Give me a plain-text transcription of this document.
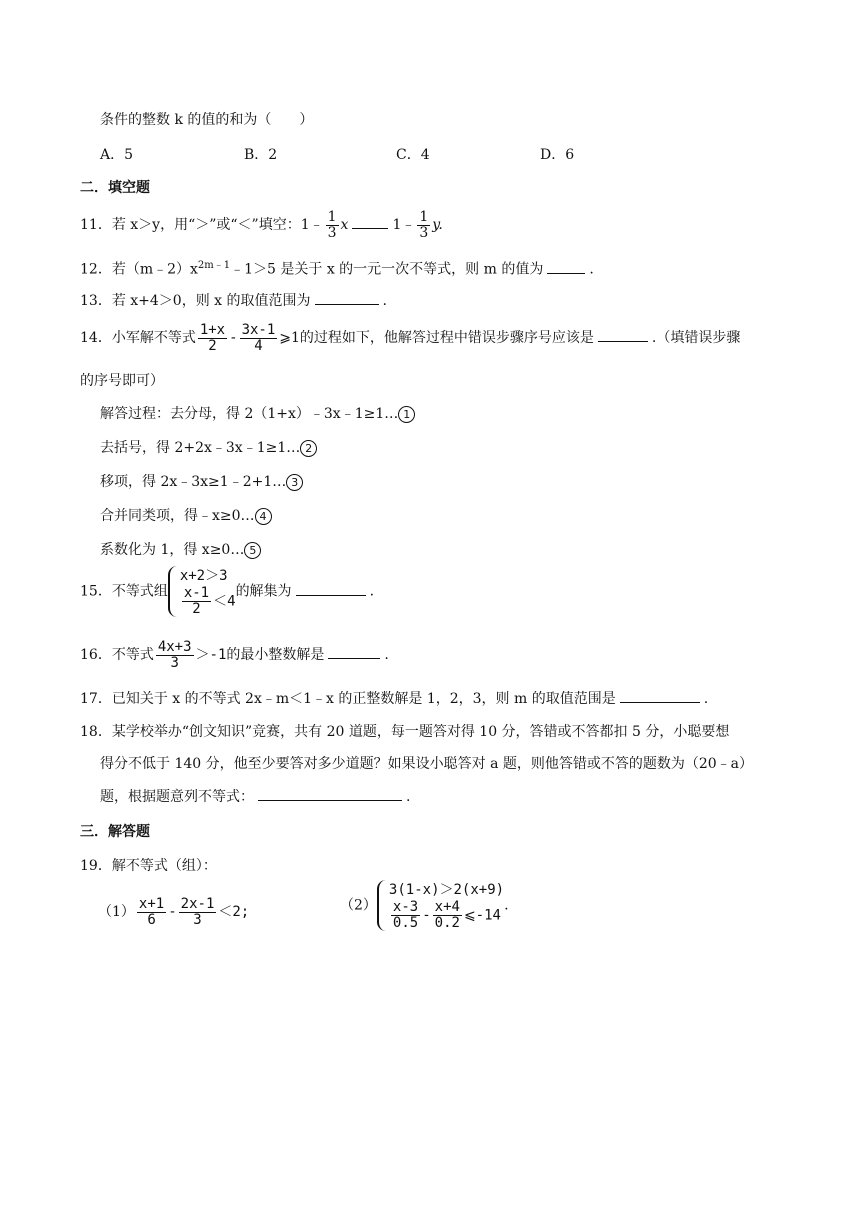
条件的整数 k 的值的和为（　　）
A．5	B．2	C．4	D．6
二．填空题
11．若 x＞y，用“＞”或“＜”填空：1﹣ $\frac{1}{3}$ x	1﹣ $\frac{1}{3} y$.
12．若$(m﹣2)x^{2m﹣1}﹣1>5$ 是关于 x 的一元一次不等式，则 m 的值为	.
13．若 x+4＞0，则 x 的取值范围为	.
14．小军解不等式 $\frac{1+x}{2} - \frac{3x-1}{4}$ ⩾1的过程如下，他解答过程中错误步骤序号应该是	.（填错误步骤
的序号即可）
解答过程：去分母，得 2（1+x）﹣3x﹣1≥1… 1
去括号，得 2+2x﹣3x﹣1≥1… 2
移项，得 2x﹣3x≥1﹣2+1… 3
合并同类项，得﹣x≥0… 4
系数化为 1，得 x≥0… 5
15．不等式组
x+2＞3
$\frac{x-1}{2} <4$
的解集为	.
16．不等式 $\frac{4x+3}{3} >-1$的最小整数解是	.
17．已知关于 x 的不等式 2x﹣m＜1﹣x 的正整数解是 1，2，3，则 m 的取值范围是	.
18．某学校举办“创文知识”竞赛，共有 20 道题，每一题答对得 10 分，答错或不答都扣 5 分，小聪要想
得分不低于 140 分，他至少要答对多少道题？如果设小聪答对 a 题，则他答错或不答的题数为（20﹣a）
题，根据题意列不等式：	.
三．解答题
19．解不等式（组）：
$(1) \frac{x+1}{6} - \frac{2x-1}{3} <2$;	（2）
3(1-x)＞2(x+9)
$\frac{x-3}{0.5} - \frac{x+4}{0.2}$ ⩽-14
.
